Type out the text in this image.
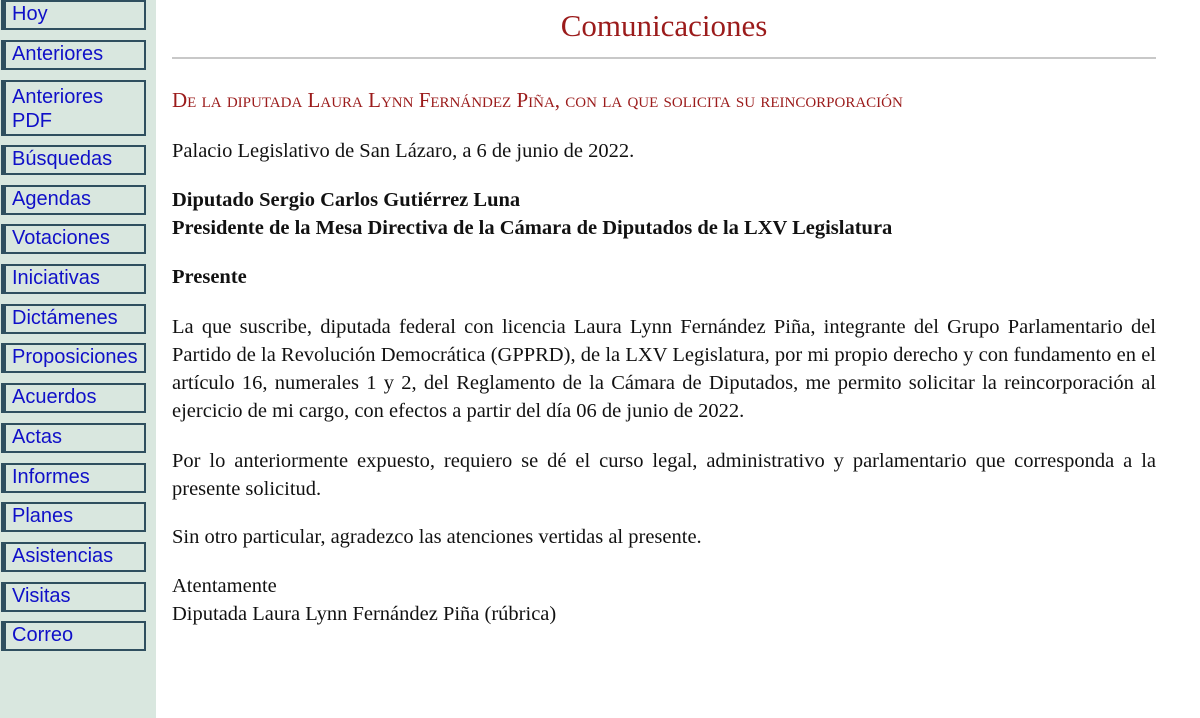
Hoy
Anteriores
Anteriores PDF
Búsquedas
Agendas
Votaciones
Iniciativas
Dictámenes
Proposiciones
Acuerdos
Actas
Informes
Planes
Asistencias
Visitas
Correo
Comunicaciones
De la diputada Laura Lynn Fernández Piña, con la que solicita su reincorporación
Palacio Legislativo de San Lázaro, a 6 de junio de 2022.
Diputado Sergio Carlos Gutiérrez Luna
Presidente de la Mesa Directiva de la Cámara de Diputados de la LXV Legislatura
Presente
La que suscribe, diputada federal con licencia Laura Lynn Fernández Piña, integrante del Grupo Parlamentario del Partido de la Revolución Democrática (GPPRD), de la LXV Legislatura, por mi propio derecho y con fundamento en el artículo 16, numerales 1 y 2, del Reglamento de la Cámara de Diputados, me permito solicitar la reincorporación al ejercicio de mi cargo, con efectos a partir del día 06 de junio de 2022.
Por lo anteriormente expuesto, requiero se dé el curso legal, administrativo y parlamentario que corresponda a la presente solicitud.
Sin otro particular, agradezco las atenciones vertidas al presente.
Atentamente
Diputada Laura Lynn Fernández Piña (rúbrica)
